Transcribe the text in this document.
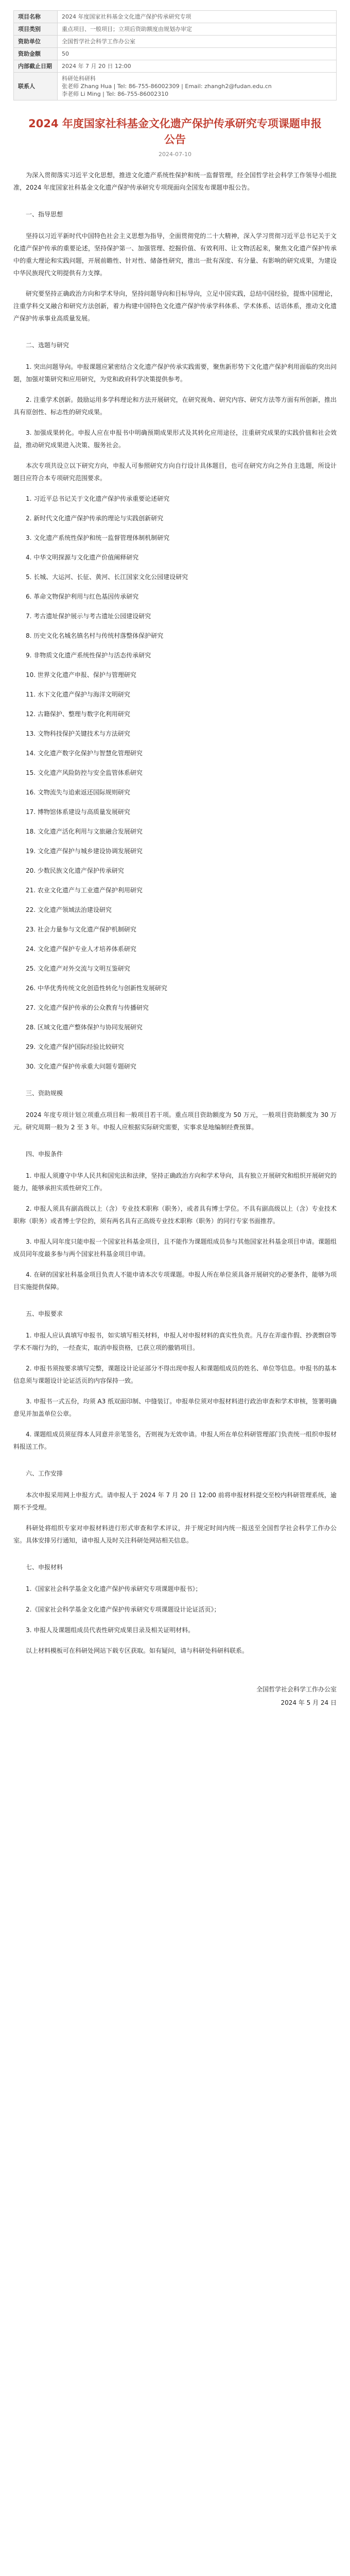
项目名称	2024 年度国家社科基金文化遗产保护传承研究专项
项目类别	重点项目、一般项目；立项后资助额度由规划办审定
资助单位	全国哲学社会科学工作办公室
资助金额	50
内部截止日期	2024 年 7 月 20 日 12:00
联系人	科研处科研科
张老师 Zhang Hua | Tel: 86-755-86002309 | Email: zhangh2@fudan.edu.cn
李老师 Li Ming | Tel: 86-755-86002310
2024 年度国家社科基金文化遗产保护传承研究专项课题申报公告
2024-07-10

为深入贯彻落实习近平文化思想，推进文化遗产系统性保护和统一监督管理，经全国哲学社会科学工作领导小组批准，2024 年度国家社科基金文化遗产保护传承研究专项现面向全国发布课题申报公告。

一、指导思想

坚持以习近平新时代中国特色社会主义思想为指导，全面贯彻党的二十大精神，深入学习贯彻习近平总书记关于文化遗产保护传承的重要论述，坚持保护第一、加强管理、挖掘价值、有效利用、让文物活起来，聚焦文化遗产保护传承中的重大理论和实践问题，开展前瞻性、针对性、储备性研究，推出一批有深度、有分量、有影响的研究成果，为建设中华民族现代文明提供有力支撑。

研究要坚持正确政治方向和学术导向，坚持问题导向和目标导向，立足中国实践，总结中国经验，提炼中国理论，注重学科交叉融合和研究方法创新，着力构建中国特色文化遗产保护传承学科体系、学术体系、话语体系，推动文化遗产保护传承事业高质量发展。

二、选题与研究

1. 突出问题导向。申报课题应紧密结合文化遗产保护传承实践需要，聚焦新形势下文化遗产保护利用面临的突出问题，加强对策研究和应用研究，为党和政府科学决策提供参考。

2. 注重学术创新。鼓励运用多学科理论和方法开展研究，在研究视角、研究内容、研究方法等方面有所创新，推出具有原创性、标志性的研究成果。

3. 加强成果转化。申报人应在申报书中明确预期成果形式及其转化应用途径，注重研究成果的实践价值和社会效益，推动研究成果进入决策、服务社会。

本次专项共设立以下研究方向，申报人可参照研究方向自行设计具体题目，也可在研究方向之外自主选题，所设计题目应符合本专项研究范围要求。

1. 习近平总书记关于文化遗产保护传承重要论述研究

2. 新时代文化遗产保护传承的理论与实践创新研究

3. 文化遗产系统性保护和统一监督管理体制机制研究

4. 中华文明探源与文化遗产价值阐释研究

5. 长城、大运河、长征、黄河、长江国家文化公园建设研究

6. 革命文物保护利用与红色基因传承研究

7. 考古遗址保护展示与考古遗址公园建设研究

8. 历史文化名城名镇名村与传统村落整体保护研究

9. 非物质文化遗产系统性保护与活态传承研究

10. 世界文化遗产申报、保护与管理研究

11. 水下文化遗产保护与海洋文明研究

12. 古籍保护、整理与数字化利用研究

13. 文物科技保护关键技术与方法研究

14. 文化遗产数字化保护与智慧化管理研究

15. 文化遗产风险防控与安全监管体系研究

16. 文物流失与追索返还国际规则研究

17. 博物馆体系建设与高质量发展研究

18. 文化遗产活化利用与文旅融合发展研究

19. 文化遗产保护与城乡建设协调发展研究

20. 少数民族文化遗产保护传承研究

21. 农业文化遗产与工业遗产保护利用研究

22. 文化遗产领域法治建设研究

23. 社会力量参与文化遗产保护机制研究

24. 文化遗产保护专业人才培养体系研究

25. 文化遗产对外交流与文明互鉴研究

26. 中华优秀传统文化创造性转化与创新性发展研究

27. 文化遗产保护传承的公众教育与传播研究

28. 区域文化遗产整体保护与协同发展研究

29. 文化遗产保护国际经验比较研究

30. 文化遗产保护传承重大问题专题研究

三、资助规模

2024 年度专项计划立项重点项目和一般项目若干项。重点项目资助额度为 50 万元，一般项目资助额度为 30 万元。研究周期一般为 2 至 3 年。申报人应根据实际研究需要，实事求是地编制经费预算。

四、申报条件

1. 申报人须遵守中华人民共和国宪法和法律，坚持正确政治方向和学术导向，具有独立开展研究和组织开展研究的能力，能够承担实质性研究工作。

2. 申报人须具有副高级以上（含）专业技术职称（职务），或者具有博士学位。不具有副高级以上（含）专业技术职称（职务）或者博士学位的，须有两名具有正高级专业技术职称（职务）的同行专家书面推荐。

3. 申报人同年度只能申报一个国家社科基金项目，且不能作为课题组成员参与其他国家社科基金项目申请。课题组成员同年度最多参与两个国家社科基金项目申请。

4. 在研的国家社科基金项目负责人不能申请本次专项课题。申报人所在单位须具备开展研究的必要条件，能够为项目实施提供保障。

五、申报要求

1. 申报人应认真填写申报书，如实填写相关材料，申报人对申报材料的真实性负责。凡存在弄虚作假、抄袭剽窃等学术不端行为的，一经查实，取消申报资格，已获立项的撤销项目。

2. 申报书须按要求填写完整，课题设计论证部分不得出现申报人和课题组成员的姓名、单位等信息。申报书的基本信息须与课题设计论证活页的内容保持一致。

3. 申报书一式五份，均须 A3 纸双面印制、中缝装订。申报单位须对申报材料进行政治审查和学术审核，签署明确意见并加盖单位公章。

4. 课题组成员须征得本人同意并亲笔签名，否则视为无效申请。申报人所在单位科研管理部门负责统一组织申报材料报送工作。

六、工作安排

本次申报采用网上申报方式。请申报人于 2024 年 7 月 20 日 12:00 前将申报材料提交至校内科研管理系统，逾期不予受理。

科研处将组织专家对申报材料进行形式审查和学术评议，并于规定时间内统一报送至全国哲学社会科学工作办公室。具体安排另行通知，请申报人及时关注科研处网站相关信息。

七、申报材料

1.《国家社会科学基金文化遗产保护传承研究专项课题申报书》；

2.《国家社会科学基金文化遗产保护传承研究专项课题设计论证活页》；

3. 申报人及课题组成员代表性研究成果目录及相关证明材料。

以上材料模板可在科研处网站下载专区获取。如有疑问，请与科研处科研科联系。

全国哲学社会科学工作办公室
2024 年 5 月 24 日
